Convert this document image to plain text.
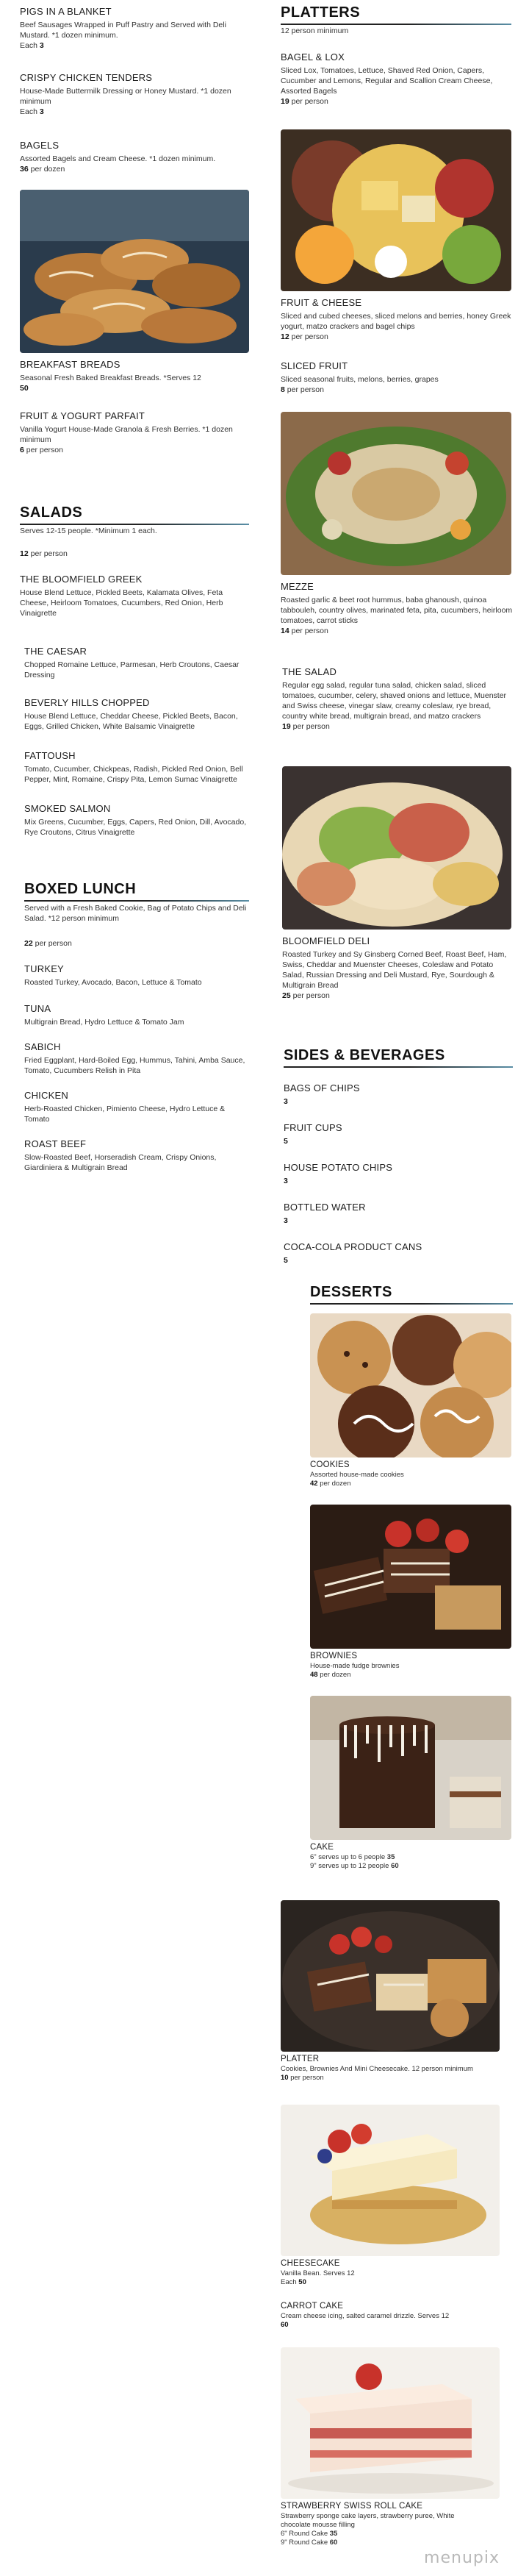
PIGS IN A BLANKET
Beef Sausages Wrapped in Puff Pastry and Served with Deli Mustard. *1 dozen minimum.
Each 3
CRISPY CHICKEN TENDERS
House-Made Buttermilk Dressing or Honey Mustard. *1 dozen minimum
Each 3
BAGELS
Assorted Bagels and Cream Cheese. *1 dozen minimum.
36 per dozen
BREAKFAST BREADS
Seasonal Fresh Baked Breakfast Breads. *Serves 12
50
FRUIT & YOGURT PARFAIT
Vanilla Yogurt House-Made Granola & Fresh Berries. *1 dozen minimum
6 per person
SALADS
Serves 12-15 people. *Minimum 1 each.
12 per person
THE BLOOMFIELD GREEK
House Blend Lettuce, Pickled Beets, Kalamata Olives, Feta Cheese, Heirloom Tomatoes, Cucumbers, Red Onion, Herb Vinaigrette
THE CAESAR
Chopped Romaine Lettuce, Parmesan, Herb Croutons, Caesar Dressing
BEVERLY HILLS CHOPPED
House Blend Lettuce, Cheddar Cheese, Pickled Beets, Bacon, Eggs, Grilled Chicken, White Balsamic Vinaigrette
FATTOUSH
Tomato, Cucumber, Chickpeas, Radish, Pickled Red Onion, Bell Pepper, Mint, Romaine, Crispy Pita, Lemon Sumac Vinaigrette
SMOKED SALMON
Mix Greens, Cucumber, Eggs, Capers, Red Onion, Dill, Avocado, Rye Croutons, Citrus Vinaigrette
BOXED LUNCH
Served with a Fresh Baked Cookie, Bag of Potato Chips and Deli Salad. *12 person minimum
22 per person
TURKEY
Roasted Turkey, Avocado, Bacon, Lettuce & Tomato
TUNA
Multigrain Bread, Hydro Lettuce & Tomato Jam
SABICH
Fried Eggplant, Hard-Boiled Egg, Hummus, Tahini, Amba Sauce, Tomato, Cucumbers Relish in Pita
CHICKEN
Herb-Roasted Chicken, Pimiento Cheese, Hydro Lettuce & Tomato
ROAST BEEF
Slow-Roasted Beef, Horseradish Cream, Crispy Onions, Giardiniera & Multigrain Bread
PLATTERS
12 person minimum
BAGEL & LOX
Sliced Lox, Tomatoes, Lettuce, Shaved Red Onion, Capers, Cucumber and Lemons, Regular and Scallion Cream Cheese, Assorted Bagels
19 per person
FRUIT & CHEESE
Sliced and cubed cheeses, sliced melons and berries, honey Greek yogurt, matzo crackers and bagel chips
12 per person
SLICED FRUIT
Sliced seasonal fruits, melons, berries, grapes
8 per person
MEZZE
Roasted garlic & beet root hummus, baba ghanoush, quinoa tabbouleh, country olives, marinated feta, pita, cucumbers, heirloom tomatoes, carrot sticks
14 per person
THE SALAD
Regular egg salad, regular tuna salad, chicken salad, sliced tomatoes, cucumber, celery, shaved onions and lettuce, Muenster and Swiss cheese, vinegar slaw, creamy coleslaw, rye bread, country white bread, multigrain bread, and matzo crackers
19 per person
BLOOMFIELD DELI
Roasted Turkey and Sy Ginsberg Corned Beef, Roast Beef, Ham, Swiss, Cheddar and Muenster Cheeses, Coleslaw and Potato Salad, Russian Dressing and Deli Mustard, Rye, Sourdough & Multigrain Bread
25 per person
SIDES & BEVERAGES
BAGS OF CHIPS
3
FRUIT CUPS
5
HOUSE POTATO CHIPS
3
BOTTLED WATER
3
COCA-COLA PRODUCT CANS
5
DESSERTS
COOKIES
Assorted house-made cookies
42 per dozen
BROWNIES
House-made fudge brownies
48 per dozen
CAKE
6" serves up to 6 people 35
9" serves up to 12 people 60
PLATTER
Cookies, Brownies And Mini Cheesecake. 12 person minimum
10 per person
CHEESECAKE
Vanilla Bean. Serves 12
Each 50
CARROT CAKE
Cream cheese icing, salted caramel drizzle. Serves 12
60
STRAWBERRY SWISS ROLL CAKE
Strawberry sponge cake layers, strawberry puree, White chocolate mousse filling
6" Round Cake 35
9" Round Cake 60
menupix
